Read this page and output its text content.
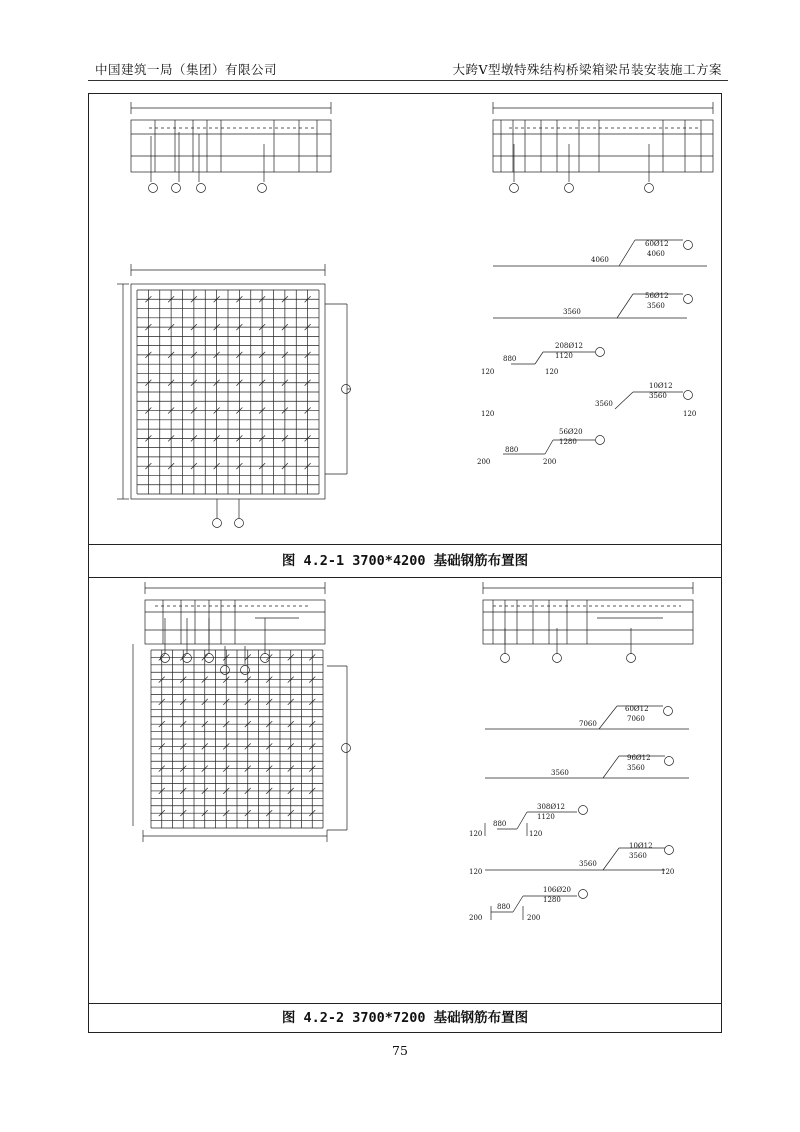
中国建筑一局（集团）有限公司	大跨V型墩特殊结构桥梁箱梁吊装安装施工方案
60Ø12
4060
4060
56Ø12
3560
3560
208Ø12
1120
880
120	120
10Ø12
3560
3560
120	120
56Ø20
1280
880
200	200
图 4.2-1 3700*4200 基础钢筋布置图
60Ø12
7060
7060
96Ø12
3560
3560
308Ø12
1120
880
120	120
10Ø12
3560
3560
120	120
106Ø20
1280
880
200	200
图 4.2-2 3700*7200 基础钢筋布置图
75
